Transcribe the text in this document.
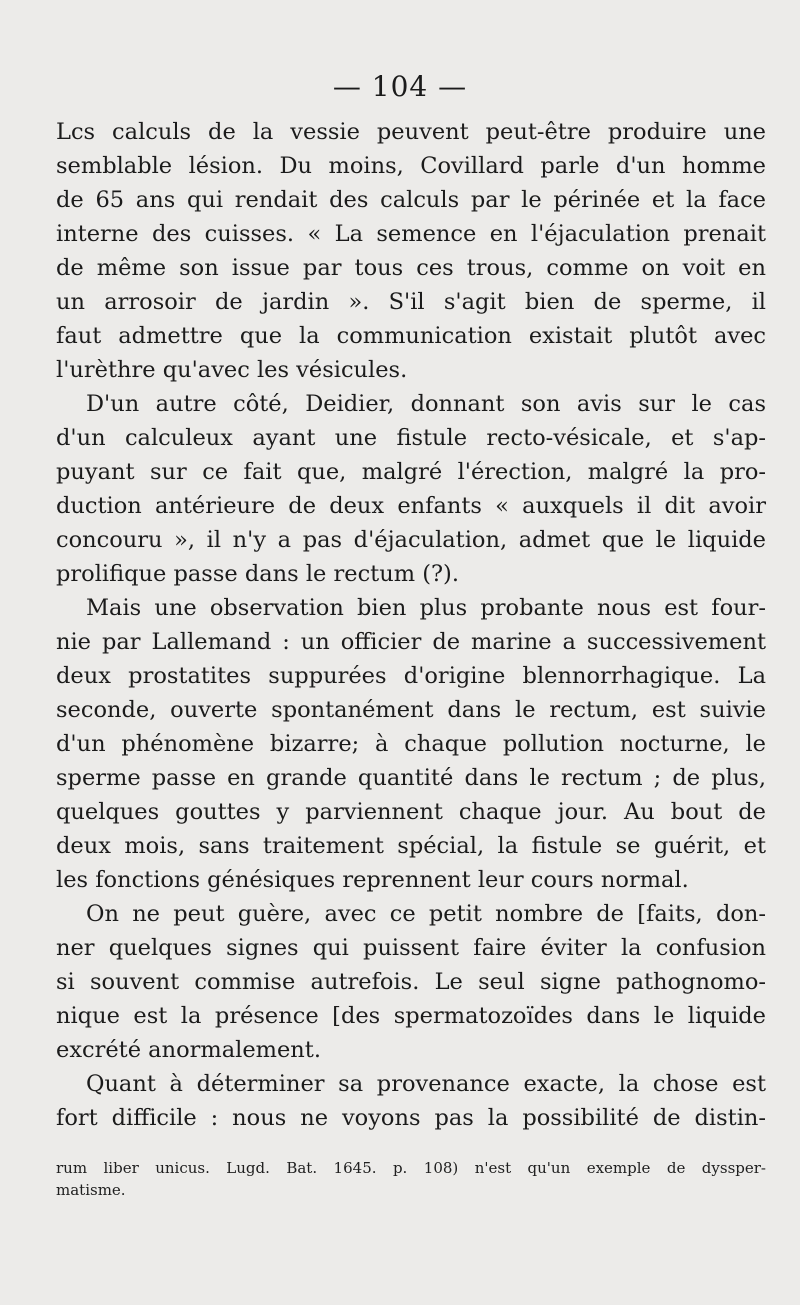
— 104 —
Lcs calculs de la vessie peuvent peut-être produire une
semblable lésion. Du moins, Covillard parle d'un homme
de 65 ans qui rendait des calculs par le périnée et la face
interne des cuisses. « La semence en l'éjaculation prenait
de même son issue par tous ces trous, comme on voit en
un arrosoir de jardin ». S'il s'agit bien de sperme, il
faut admettre que la communication existait plutôt avec
l'urèthre qu'avec les vésicules.
D'un autre côté, Deidier, donnant son avis sur le cas
d'un calculeux ayant une fistule recto-vésicale, et s'ap-
puyant sur ce fait que, malgré l'érection, malgré la pro-
duction antérieure de deux enfants « auxquels il dit avoir
concouru », il n'y a pas d'éjaculation, admet que le liquide
prolifique passe dans le rectum (?).
Mais une observation bien plus probante nous est four-
nie par Lallemand : un officier de marine a successivement
deux prostatites suppurées d'origine blennorrhagique. La
seconde, ouverte spontanément dans le rectum, est suivie
d'un phénomène bizarre; à chaque pollution nocturne, le
sperme passe en grande quantité dans le rectum ; de plus,
quelques gouttes y parviennent chaque jour. Au bout de
deux mois, sans traitement spécial, la fistule se guérit, et
les fonctions génésiques reprennent leur cours normal.
On ne peut guère, avec ce petit nombre de [faits, don-
ner quelques signes qui puissent faire éviter la confusion
si souvent commise autrefois. Le seul signe pathognomo-
nique est la présence [des spermatozoïdes dans le liquide
excrété anormalement.
Quant à déterminer sa provenance exacte, la chose est
fort difficile : nous ne voyons pas la possibilité de distin-
rum liber unicus. Lugd. Bat. 1645. p. 108) n'est qu'un exemple de dyssper-
matisme.
